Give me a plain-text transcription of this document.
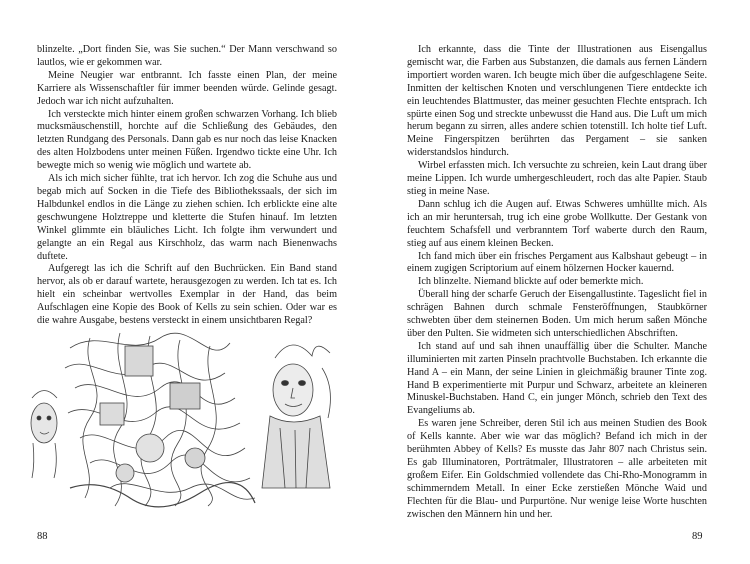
blinzelte. „Dort finden Sie, was Sie suchen.“ Der Mann verschwand so lautlos, wie er gekommen war.

Meine Neugier war entbrannt. Ich fasste einen Plan, der meine Karriere als Wissenschaftler für immer beenden würde. Gelinde gesagt. Jedoch war ich nicht aufzuhalten.

Ich versteckte mich hinter einem großen schwarzen Vorhang. Ich blieb mucksmäuschenstill, horchte auf die Schließung des Gebäudes, den letzten Rundgang des Personals. Dann gab es nur noch das leise Knacken des alten Holzbodens unter meinen Füßen. Irgendwo tickte eine Uhr. Ich bewegte mich so wenig wie möglich und wartete ab.

Als ich mich sicher fühlte, trat ich hervor. Ich zog die Schuhe aus und begab mich auf Socken in die Tiefe des Bibliothekssaals, der sich im Halbdunkel endlos in die Länge zu ziehen schien. Ich erblickte eine alte geschwungene Holztreppe und kletterte die Stufen hinauf. Im letzten Winkel glimmte ein bläuliches Licht. Ich folgte ihm verwundert und gelangte an ein Regal aus Kirschholz, das warm nach Bienenwachs duftete.

Aufgeregt las ich die Schrift auf den Buchrücken. Ein Band stand hervor, als ob er darauf wartete, herausgezogen zu werden. Ich tat es. Ich hielt ein scheinbar wertvolles Exemplar in der Hand, das beim Aufschlagen eine Kopie des Book of Kells zu sein schien. Oder war es die wahre Ausgabe, bestens versteckt in einem unsichtbaren Regal?

88

Ich erkannte, dass die Tinte der Illustrationen aus Eisengallus gemischt war, die Farben aus Substanzen, die damals aus fernen Ländern importiert worden waren. Ich beugte mich über die aufgeschlagene Seite. Inmitten der keltischen Knoten und verschlungenen Tiere entdeckte ich ein leuchtendes Blattmuster, das meiner gesuchten Flechte entsprach. Ich spürte einen Sog und streckte unbewusst die Hand aus. Die Luft um mich herum begann zu sirren, alles andere schien totenstill. Ich holte tief Luft. Meine Fingerspitzen berührten das Pergament – sie sanken widerstandslos hindurch.

Wirbel erfassten mich. Ich versuchte zu schreien, kein Laut drang über meine Lippen. Ich wurde umhergeschleudert, roch das alte Papier. Staub stieg in meine Nase.

Dann schlug ich die Augen auf. Etwas Schweres umhüllte mich. Als ich an mir heruntersah, trug ich eine grobe Wollkutte. Der Gestank von feuchtem Schafsfell und verbranntem Torf waberte durch den Raum, stieg auf aus einem kleinen Becken.

Ich fand mich über ein frisches Pergament aus Kalbshaut gebeugt – in einem zugigen Scriptorium auf einem hölzernen Hocker kauernd.

Ich blinzelte. Niemand blickte auf oder bemerkte mich.

Überall hing der scharfe Geruch der Eisengallustinte. Tageslicht fiel in schrägen Bahnen durch schmale Fensteröffnungen, Staubkörner schwebten über dem steinernen Boden. Um mich herum saßen Mönche über den Pulten. Sie widmeten sich unterschiedlichen Abschriften.

Ich stand auf und sah ihnen unauffällig über die Schulter. Manche illuminierten mit zarten Pinseln prachtvolle Buchstaben. Ich erkannte die Hand A – ein Mann, der seine Linien in gleichmäßig brauner Tinte zog. Hand B experimentierte mit Purpur und Schwarz, arbeitete an kleineren Minuskel-Buchstaben. Hand C, ein junger Mönch, schrieb den Text des Evangeliums ab.

Es waren jene Schreiber, deren Stil ich aus meinen Studien des Book of Kells kannte. Aber wie war das möglich? Befand ich mich in der berühmten Abbey of Kells? Es musste das Jahr 807 nach Christus sein. Es gab Illuminatoren, Porträtmaler, Illustratoren – alle arbeiteten mit großem Eifer. Ein Goldschmied vollendete das Chi-Rho-Monogramm in schimmerndem Metall. In einer Ecke zerstießen Mönche Waid und Flechten für die Blau- und Purpurtöne. Nur wenige leise Worte huschten zwischen den Männern hin und her.

89
